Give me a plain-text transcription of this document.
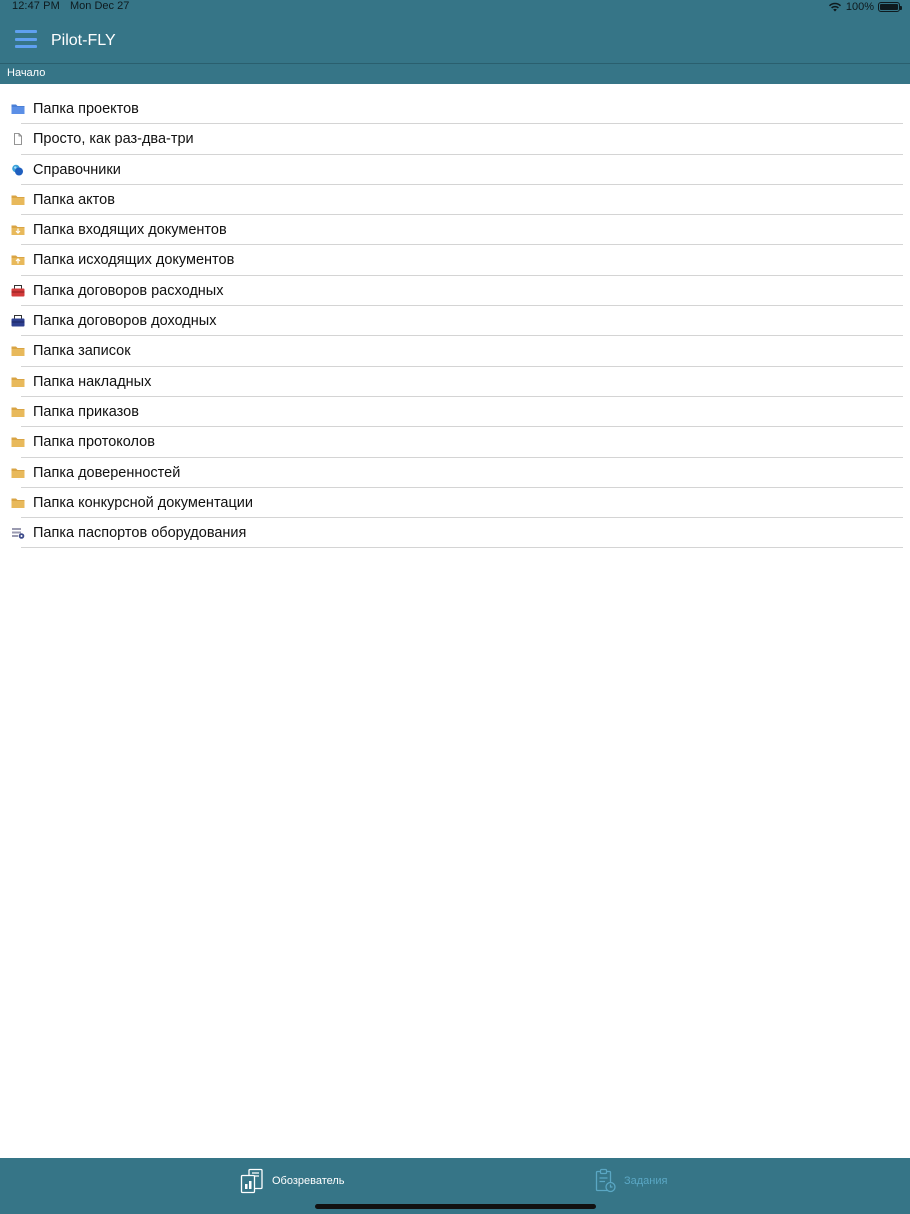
12:47 PM Mon Dec 27	100%
Pilot-FLY
Начало
Папка проектов
Просто, как раз-два-три
Справочники
Папка актов
Папка входящих документов
Папка исходящих документов
Папка договоров расходных
Папка договоров доходных
Папка записок
Папка накладных
Папка приказов
Папка протоколов
Папка доверенностей
Папка конкурсной документации
Папка паспортов оборудования
Обозреватель	Задания
